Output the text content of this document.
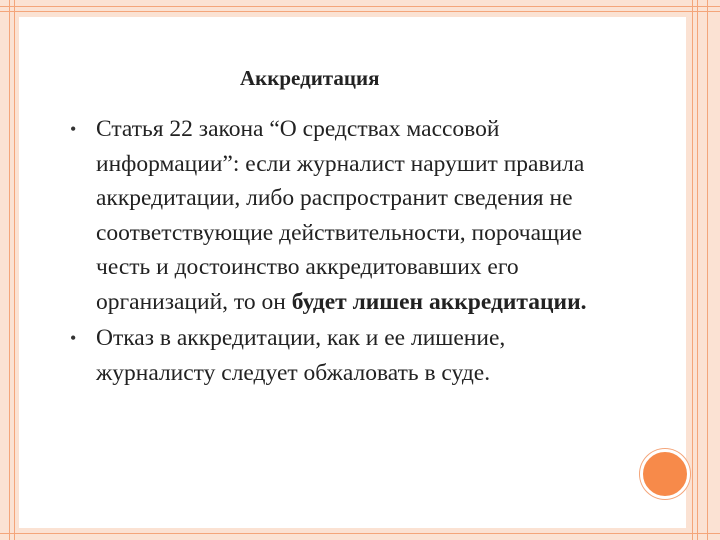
Аккредитация
• Статья 22 закона “О средствах массовой информации”: если журналист нарушит правила аккредитации, либо распространит сведения не соответствующие действительности, порочащие честь и достоинство аккредитовавших его организаций, то он будет лишен аккредитации.
• Отказ в аккредитации, как и ее лишение, журналисту следует обжаловать в суде.
